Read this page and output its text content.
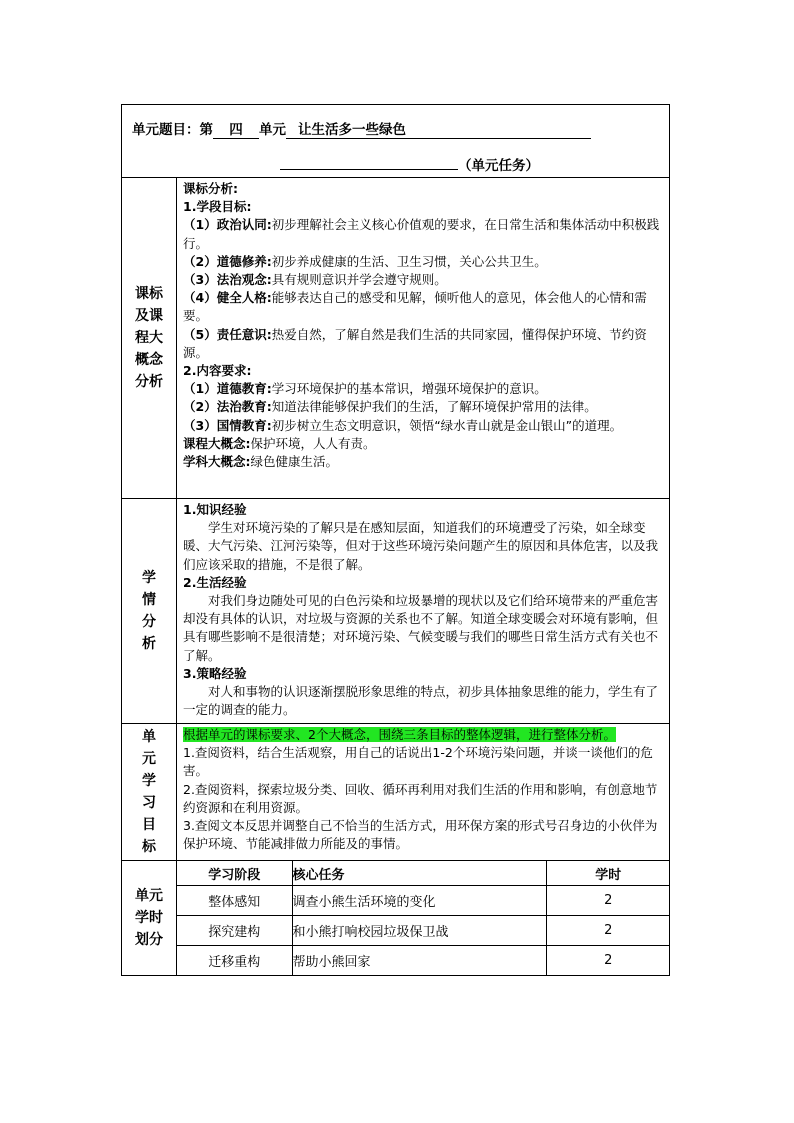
单元题目：第 四 单元 让生活多一些绿色
（单元任务）

课标及课程大概念分析

课标分析:

1.学段目标:

（1）政治认同:初步理解社会主义核心价值观的要求，在日常生活和集体活动中积极践行。

（2）道德修养:初步养成健康的生活、卫生习惯，关心公共卫生。

（3）法治观念:具有规则意识并学会遵守规则。

（4）健全人格:能够表达自己的感受和见解，倾听他人的意见，体会他人的心情和需要。

（5）责任意识:热爱自然，了解自然是我们生活的共同家园，懂得保护环境、节约资源。

2.内容要求:

（1）道德教育:学习环境保护的基本常识，增强环境保护的意识。

（2）法治教育:知道法律能够保护我们的生活，了解环境保护常用的法律。

（3）国情教育:初步树立生态文明意识，领悟“绿水青山就是金山银山”的道理。

课程大概念:保护环境，人人有责。

学科大概念:绿色健康生活。

学情分析

1.知识经验

学生对环境污染的了解只是在感知层面，知道我们的环境遭受了污染，如全球变暖、大气污染、江河污染等，但对于这些环境污染问题产生的原因和具体危害，以及我们应该采取的措施，不是很了解。

2.生活经验

对我们身边随处可见的白色污染和垃圾暴增的现状以及它们给环境带来的严重危害却没有具体的认识，对垃圾与资源的关系也不了解。知道全球变暖会对环境有影响，但具有哪些影响不是很清楚；对环境污染、气候变暖与我们的哪些日常生活方式有关也不了解。

3.策略经验

对人和事物的认识逐渐摆脱形象思维的特点，初步具体抽象思维的能力，学生有了一定的调查的能力。

单元学习目标

根据单元的课标要求、2个大概念，围绕三条目标的整体逻辑，进行整体分析。

1.查阅资料，结合生活观察，用自己的话说出1-2个环境污染问题，并谈一谈他们的危害。

2.查阅资料，探索垃圾分类、回收、循环再利用对我们生活的作用和影响，有创意地节约资源和在利用资源。

3.查阅文本反思并调整自己不恰当的生活方式，用环保方案的形式号召身边的小伙伴为保护环境、节能减排做力所能及的事情。

单元学时划分

学习阶段	核心任务	学时
整体感知	调查小熊生活环境的变化	2
探究建构	和小熊打响校园垃圾保卫战	2
迁移重构	帮助小熊回家	2
